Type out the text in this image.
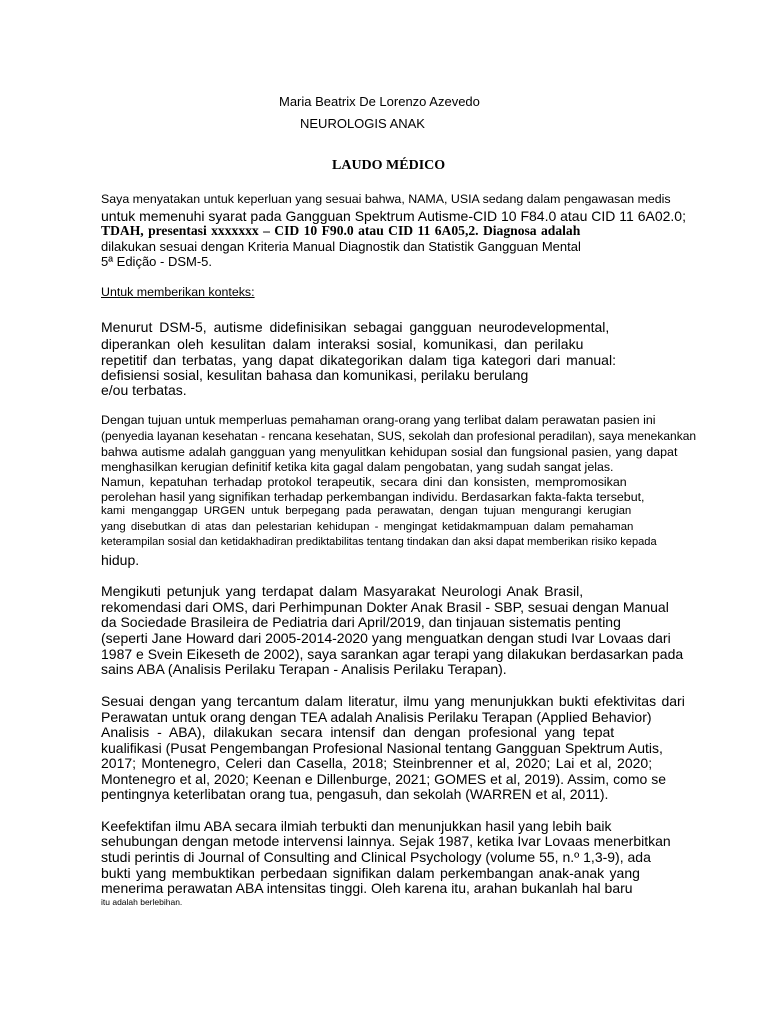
Maria Beatrix De Lorenzo Azevedo
NEUROLOGIS ANAK
LAUDO MÉDICO
Saya menyatakan untuk keperluan yang sesuai bahwa, NAMA, USIA sedang dalam pengawasan medis
untuk memenuhi syarat pada Gangguan Spektrum Autisme-CID 10 F84.0 atau CID 11 6A02.0;
TDAH, presentasi xxxxxxx – CID 10 F90.0 atau CID 11 6A05,2. Diagnosa adalah
dilakukan sesuai dengan Kriteria Manual Diagnostik dan Statistik Gangguan Mental
5ª Edição - DSM-5.
Untuk memberikan konteks:
Menurut DSM-5, autisme didefinisikan sebagai gangguan neurodevelopmental,
diperankan oleh kesulitan dalam interaksi sosial, komunikasi, dan perilaku
repetitif dan terbatas, yang dapat dikategorikan dalam tiga kategori dari manual:
defisiensi sosial, kesulitan bahasa dan komunikasi, perilaku berulang
e/ou terbatas.
Dengan tujuan untuk memperluas pemahaman orang-orang yang terlibat dalam perawatan pasien ini
(penyedia layanan kesehatan - rencana kesehatan, SUS, sekolah dan profesional peradilan), saya menekankan
bahwa autisme adalah gangguan yang menyulitkan kehidupan sosial dan fungsional pasien, yang dapat
menghasilkan kerugian definitif ketika kita gagal dalam pengobatan, yang sudah sangat jelas.
Namun, kepatuhan terhadap protokol terapeutik, secara dini dan konsisten, mempromosikan
perolehan hasil yang signifikan terhadap perkembangan individu. Berdasarkan fakta-fakta tersebut,
kami menganggap URGEN untuk berpegang pada perawatan, dengan tujuan mengurangi kerugian
yang disebutkan di atas dan pelestarian kehidupan - mengingat ketidakmampuan dalam pemahaman
keterampilan sosial dan ketidakhadiran prediktabilitas tentang tindakan dan aksi dapat memberikan risiko kepada
hidup.
Mengikuti petunjuk yang terdapat dalam Masyarakat Neurologi Anak Brasil,
rekomendasi dari OMS, dari Perhimpunan Dokter Anak Brasil - SBP, sesuai dengan Manual
da Sociedade Brasileira de Pediatria dari April/2019, dan tinjauan sistematis penting
(seperti Jane Howard dari 2005-2014-2020 yang menguatkan dengan studi Ivar Lovaas dari
1987 e Svein Eikeseth de 2002), saya sarankan agar terapi yang dilakukan berdasarkan pada
sains ABA (Analisis Perilaku Terapan - Analisis Perilaku Terapan).
Sesuai dengan yang tercantum dalam literatur, ilmu yang menunjukkan bukti efektivitas dari
Perawatan untuk orang dengan TEA adalah Analisis Perilaku Terapan (Applied Behavior)
Analisis - ABA), dilakukan secara intensif dan dengan profesional yang tepat
kualifikasi (Pusat Pengembangan Profesional Nasional tentang Gangguan Spektrum Autis,
2017; Montenegro, Celeri dan Casella, 2018; Steinbrenner et al, 2020; Lai et al, 2020;
Montenegro et al, 2020; Keenan e Dillenburge, 2021; GOMES et al, 2019). Assim, como se
pentingnya keterlibatan orang tua, pengasuh, dan sekolah (WARREN et al, 2011).
Keefektifan ilmu ABA secara ilmiah terbukti dan menunjukkan hasil yang lebih baik
sehubungan dengan metode intervensi lainnya. Sejak 1987, ketika Ivar Lovaas menerbitkan
studi perintis di Journal of Consulting and Clinical Psychology (volume 55, n.º 1,3-9), ada
bukti yang membuktikan perbedaan signifikan dalam perkembangan anak-anak yang
menerima perawatan ABA intensitas tinggi. Oleh karena itu, arahan bukanlah hal baru
itu adalah berlebihan.
